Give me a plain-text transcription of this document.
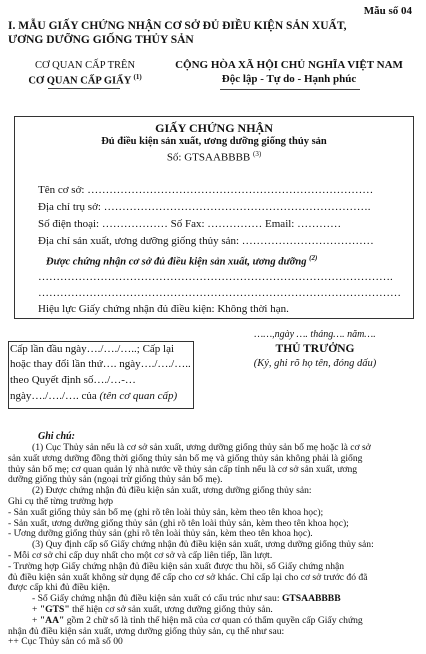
Mẫu số 04
I. MẪU GIẤY CHỨNG NHẬN CƠ SỞ ĐỦ ĐIỀU KIỆN SẢN XUẤT,
ƯƠNG DƯỠNG GIỐNG THỦY SẢN
CƠ QUAN CẤP TRÊN
CƠ QUAN CẤP GIẤY $^{(1)}$
CỘNG HÒA XÃ HỘI CHỦ NGHĨA VIỆT NAM
Độc lập - Tự do - Hạnh phúc
GIẤY CHỨNG NHẬN
Đủ điều kiện sản xuất, ương dưỡng giống thủy sản
Số: GTSAABBBB $^{(3)}$
Tên cơ sở: ……………………………………………………………………
Địa chỉ trụ sở: ……………………………………………………………….
Số điện thoại: ……………… Số Fax: …………… Email: …………
Địa chỉ sản xuất, ương dưỡng giống thủy sản: ………………………………
Được chứng nhận cơ sở đủ điều kiện sản xuất, ương dưỡng $^{(2)}$
…………………………………………………………………………………….
………………………………………………………………………………………
Hiệu lực Giấy chứng nhận đủ điều kiện: Không thời hạn.
Cấp lần đầu ngày…./…./…..; Cấp lại
hoặc thay đổi lần thứ…. ngày…./…./…..
theo Quyết định số…./…-…
ngày…./…./…. của (tên cơ quan cấp)
……,ngày …. tháng…. năm….
THỦ TRƯỞNG
(Ký, ghi rõ họ tên, đóng dấu)
Ghi chú:
(1) Cục Thủy sản nếu là cơ sở sản xuất, ương dưỡng giống thủy sản bố mẹ hoặc là cơ sở
sản xuất ương dưỡng đồng thời giống thủy sản bố mẹ và giống thủy sản không phải là giống
thủy sản bố mẹ; cơ quan quản lý nhà nước về thủy sản cấp tỉnh nếu là cơ sở sản xuất, ương
dưỡng giống thủy sản (ngoại trừ giống thủy sản bố mẹ).
(2) Được chứng nhận đủ điều kiện sản xuất, ương dưỡng giống thủy sản:
Ghi cụ thể từng trường hợp
- Sản xuất giống thủy sản bố mẹ (ghi rõ tên loài thủy sản, kèm theo tên khoa học);
- Sản xuất, ương dưỡng giống thủy sản (ghi rõ tên loài thủy sản, kèm theo tên khoa học);
- Ương dưỡng giống thủy sản (ghi rõ tên loài thủy sản, kèm theo tên khoa học).
(3) Quy định cấp số Giấy chứng nhận đủ điều kiện sản xuất, ương dưỡng giống thủy sản:
- Mỗi cơ sở chỉ cấp duy nhất cho một cơ sở và cấp liên tiếp, lần lượt.
- Trường hợp Giấy chứng nhận đủ điều kiện sản xuất được thu hồi, số Giấy chứng nhận
đủ điều kiện sản xuất không sử dụng để cấp cho cơ sở khác. Chỉ cấp lại cho cơ sở trước đó đã
được cấp khi đủ điều kiện.
- Số Giấy chứng nhận đủ điều kiện sản xuất có cấu trúc như sau: GTSAABBBB
+ "GTS" thể hiện cơ sở sản xuất, ương dưỡng giống thủy sản.
+ "AA" gồm 2 chữ số là tỉnh thể hiện mã của cơ quan có thẩm quyền cấp Giấy chứng
nhận đủ điều kiện sản xuất, ương dưỡng giống thủy sản, cụ thể như sau:
++ Cục Thủy sản có mã số 00
